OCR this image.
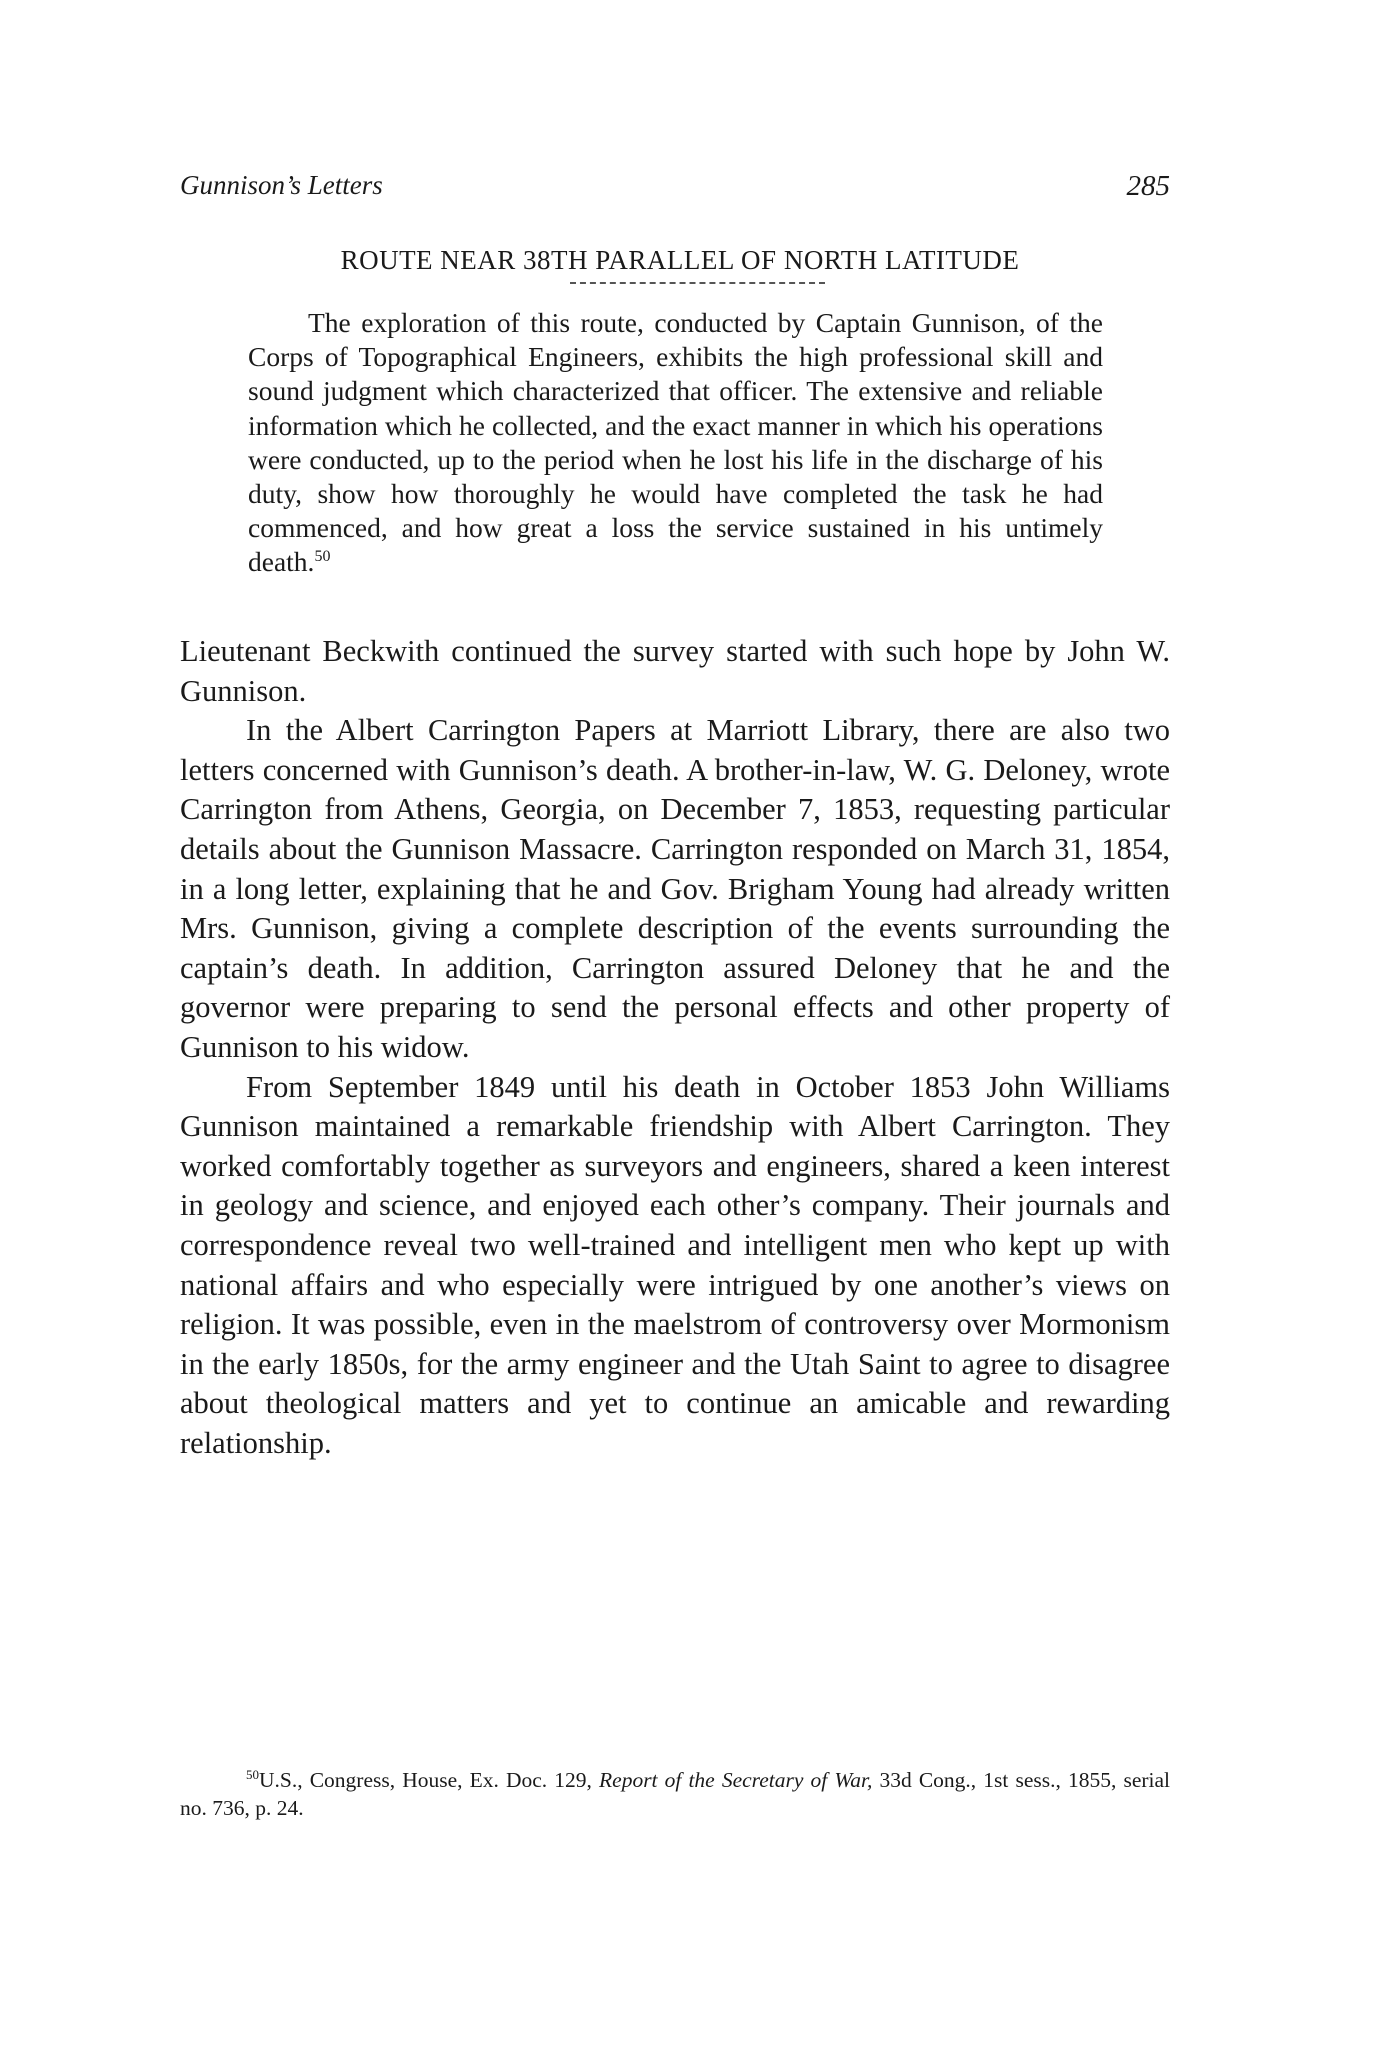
Gunnison’s Letters	285
ROUTE NEAR 38TH PARALLEL OF NORTH LATITUDE

The exploration of this route, conducted by Captain Gunnison, of the Corps of Topographical Engineers, exhibits the high professional skill and sound judgment which characterized that officer. The extensive and reliable information which he collected, and the exact manner in which his operations were conducted, up to the period when he lost his life in the discharge of his duty, show how thoroughly he would have completed the task he had commenced, and how great a loss the service sustained in his untimely death.$^{50}$

Lieutenant Beckwith continued the survey started with such hope by John W. Gunnison.

In the Albert Carrington Papers at Marriott Library, there are also two letters concerned with Gunnison’s death. A brother-in-law, W. G. Deloney, wrote Carrington from Athens, Georgia, on December 7, 1853, requesting particular details about the Gunnison Massacre. Carrington responded on March 31, 1854, in a long letter, explaining that he and Gov. Brigham Young had already written Mrs. Gunnison, giving a complete description of the events surrounding the captain’s death. In addition, Carrington assured Deloney that he and the governor were preparing to send the personal effects and other property of Gunnison to his widow.

From September 1849 until his death in October 1853 John Williams Gunnison maintained a remarkable friendship with Albert Carrington. They worked comfortably together as surveyors and engineers, shared a keen interest in geology and science, and enjoyed each other’s company. Their journals and correspondence reveal two well-trained and intelligent men who kept up with national affairs and who especially were intrigued by one another’s views on religion. It was possible, even in the maelstrom of controversy over Mormonism in the early 1850s, for the army engineer and the Utah Saint to agree to disagree about theological matters and yet to continue an amicable and rewarding relationship.

$^{50}$U.S., Congress, House, Ex. Doc. 129, Report of the Secretary of War, 33d Cong., 1st sess., 1855, serial no. 736, p. 24.
